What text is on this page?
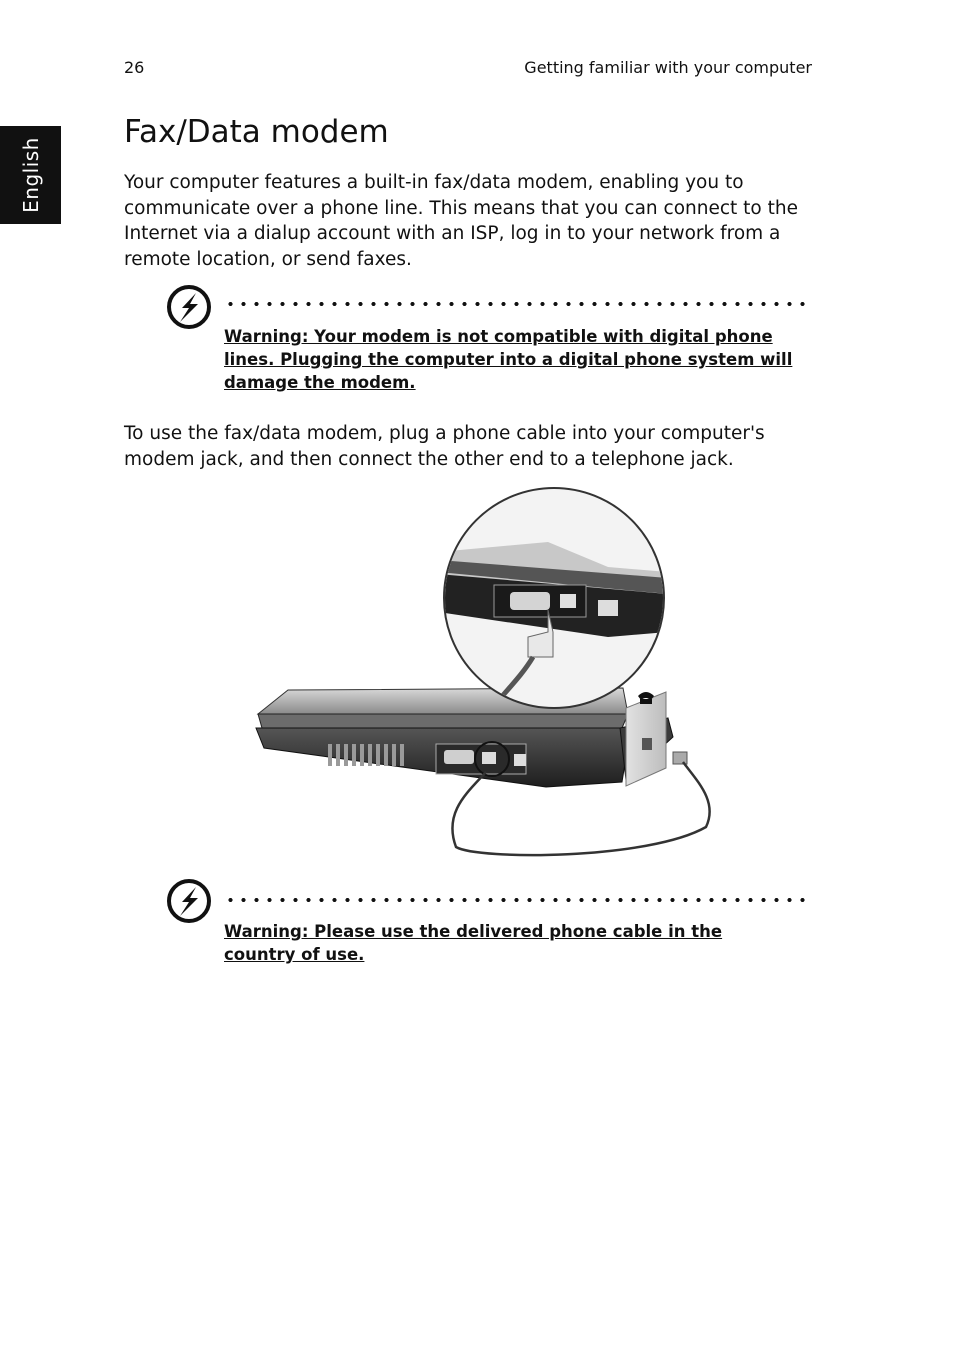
26	Getting familiar with your computer
English
Fax/Data modem

Your computer features a built-in fax/data modem, enabling you to communicate over a phone line. This means that you can connect to the Internet via a dialup account with an ISP, log in to your network from a remote location, or send faxes.

Warning: Your modem is not compatible with digital phone lines. Plugging the computer into a digital phone system will damage the modem.

To use the fax/data modem, plug a phone cable into your computer's modem jack, and then connect the other end to a telephone jack.

Warning: Please use the delivered phone cable in the country of use.
